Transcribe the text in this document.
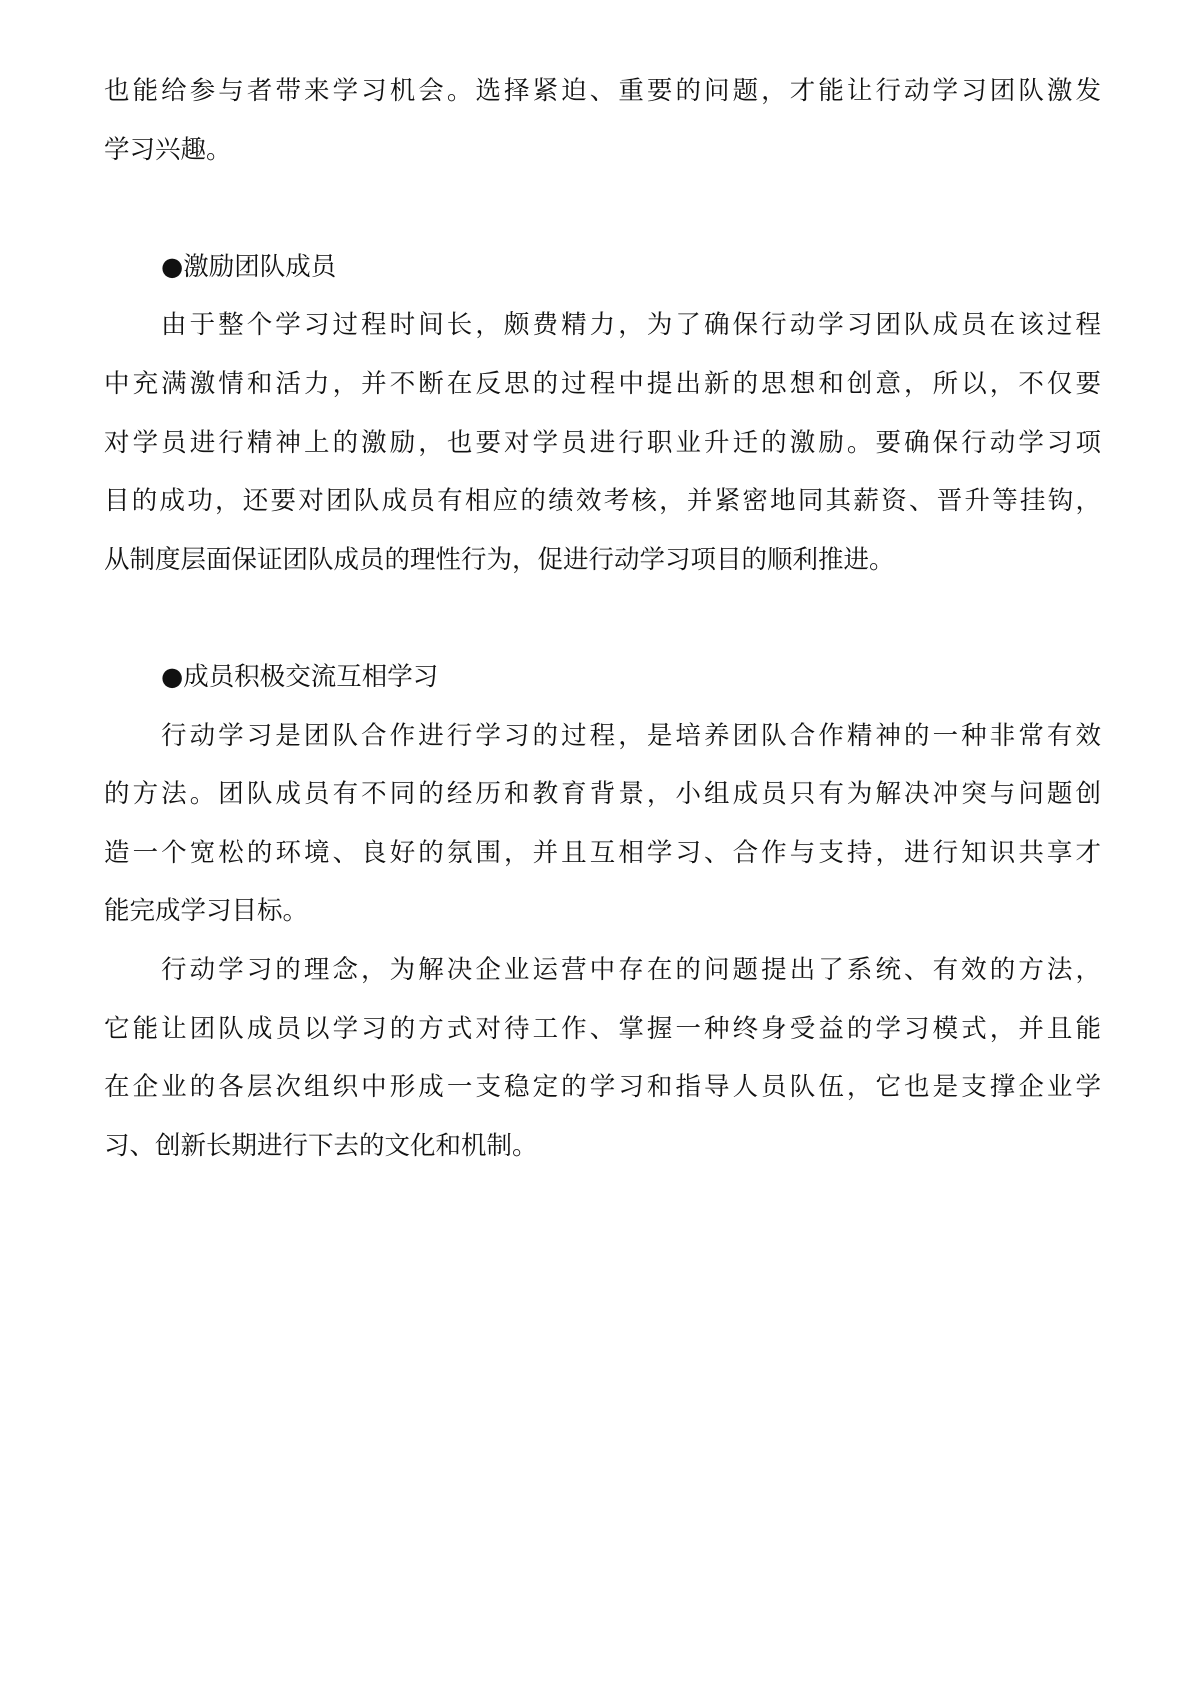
也能给参与者带来学习机会。选择紧迫、重要的问题，才能让行动学习团队激发

学习兴趣。

●激励团队成员

由于整个学习过程时间长，颇费精力，为了确保行动学习团队成员在该过程

中充满激情和活力，并不断在反思的过程中提出新的思想和创意，所以，不仅要

对学员进行精神上的激励，也要对学员进行职业升迁的激励。要确保行动学习项

目的成功，还要对团队成员有相应的绩效考核，并紧密地同其薪资、晋升等挂钩，

从制度层面保证团队成员的理性行为，促进行动学习项目的顺利推进。

●成员积极交流互相学习

行动学习是团队合作进行学习的过程，是培养团队合作精神的一种非常有效

的方法。团队成员有不同的经历和教育背景，小组成员只有为解决冲突与问题创

造一个宽松的环境、良好的氛围，并且互相学习、合作与支持，进行知识共享才

能完成学习目标。

行动学习的理念，为解决企业运营中存在的问题提出了系统、有效的方法，

它能让团队成员以学习的方式对待工作、掌握一种终身受益的学习模式，并且能

在企业的各层次组织中形成一支稳定的学习和指导人员队伍，它也是支撑企业学

习、创新长期进行下去的文化和机制。
